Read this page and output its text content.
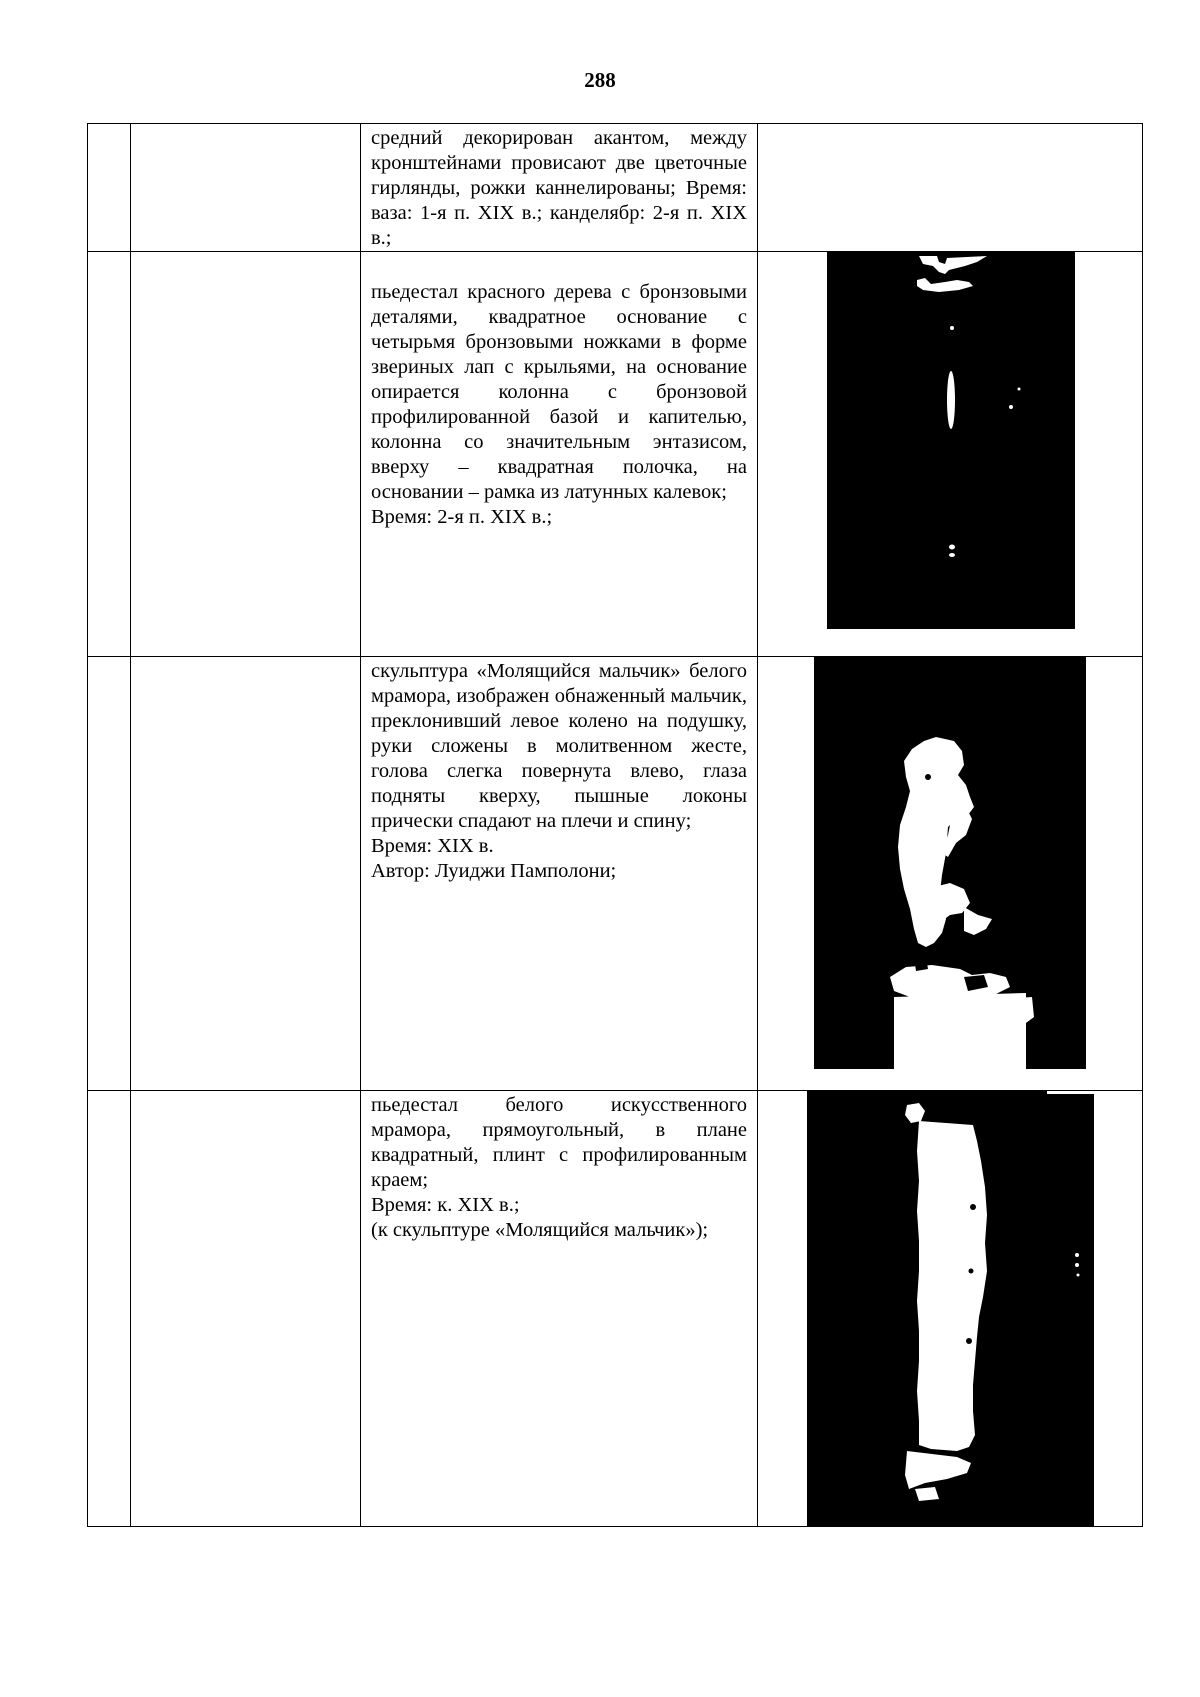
288

		средний декорирован акантом, между кронштейнами провисают две цветочные гирлянды, рожки каннелированы; Время: ваза: 1-я п. XIX в.; канделябр: 2-я п. XIX в.;	

		пьедестал красного дерева с бронзовыми деталями, квадратное основание с четырьмя бронзовыми ножками в форме звериных лап с крыльями, на основание опирается колонна с бронзовой профилированной базой и капителью, колонна со значительным энтазисом, вверху – квадратная полочка, на основании – рамка из латунных калевок;

Время: 2-я п. XIX в.;

		скульптура «Молящийся мальчик» белого мрамора, изображен обнаженный мальчик, преклонивший левое колено на подушку, руки сложены в молитвенном жесте, голова слегка повернута влево, глаза подняты кверху, пышные локоны прически спадают на плечи и спину;

Время: XIX в.

Автор: Луиджи Памполони;

		пьедестал белого искусственного мрамора, прямоугольный, в плане квадратный, плинт с профилированным краем;

Время: к. XIX в.;

(к скульптуре «Молящийся мальчик»);
